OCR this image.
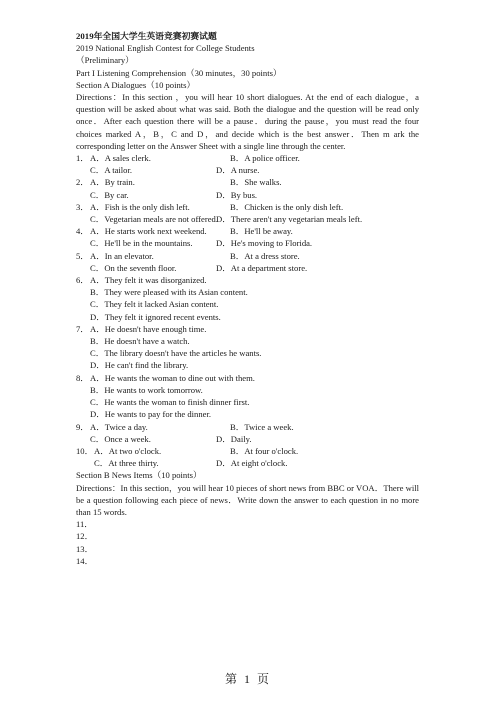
2019年全国大学生英语竞赛初赛试题
2019 National English Contest for College Students
（Preliminary）
Part I Listening Comprehension（30 minutes，30 points）
Section A Dialogues（10 points）
Directions：In this section ，you will hear 10 short dialogues. At the end of each dialogue，a question will be asked about what was said. Both the dialogue and the question will be read only once．After each question there will be a pause．during the pause，you must read the four choices marked A，B，C and D，and decide which is the best answer．Then m ark the corresponding letter on the Answer Sheet with a single line through the center.
1． A．A sales clerk.	B．A police officer.
C．A tailor.	D．A nurse.
2． A．By train.	B．She walks.
C．By car.	D．By bus.
3． A．Fish is the only dish left.	B．Chicken is the only dish left.
C．Vegetarian meals are not offered.
D．There aren't any vegetarian meals left.
4． A．He starts work next weekend.	B．He'll be away.
C．He'll be in the mountains.	D．He's moving to Florida.
5． A．In an elevator.	B．At a dress store.
C．On the seventh floor.	D．At a department store.
6． A．They felt it was disorganized.
B．They were pleased with its Asian content.
C．They felt it lacked Asian content.
D．They felt it ignored recent events.
7． A．He doesn't have enough time.
B．He doesn't have a watch.
C．The library doesn't have the articles he wants.
D．He can't find the library.
8． A．He wants the woman to dine out with them.
B．He wants to work tomorrow.
C．He wants the woman to finish dinner first.
D．He wants to pay for the dinner.
9． A．Twice a day.	B．Twice a week.
C．Once a week.	D．Daily.
10． A．At two o'clock.	B．At four o'clock.
C．At three thirty.	D．At eight o'clock.
Section B News Items（10 points）
Directions：In this section，you will hear 10 pieces of short news from BBC or VOA．There will be a question following each piece of news．Write down the answer to each question in no more than 15 words.
11．
12．
13．
14．
第 1 页
